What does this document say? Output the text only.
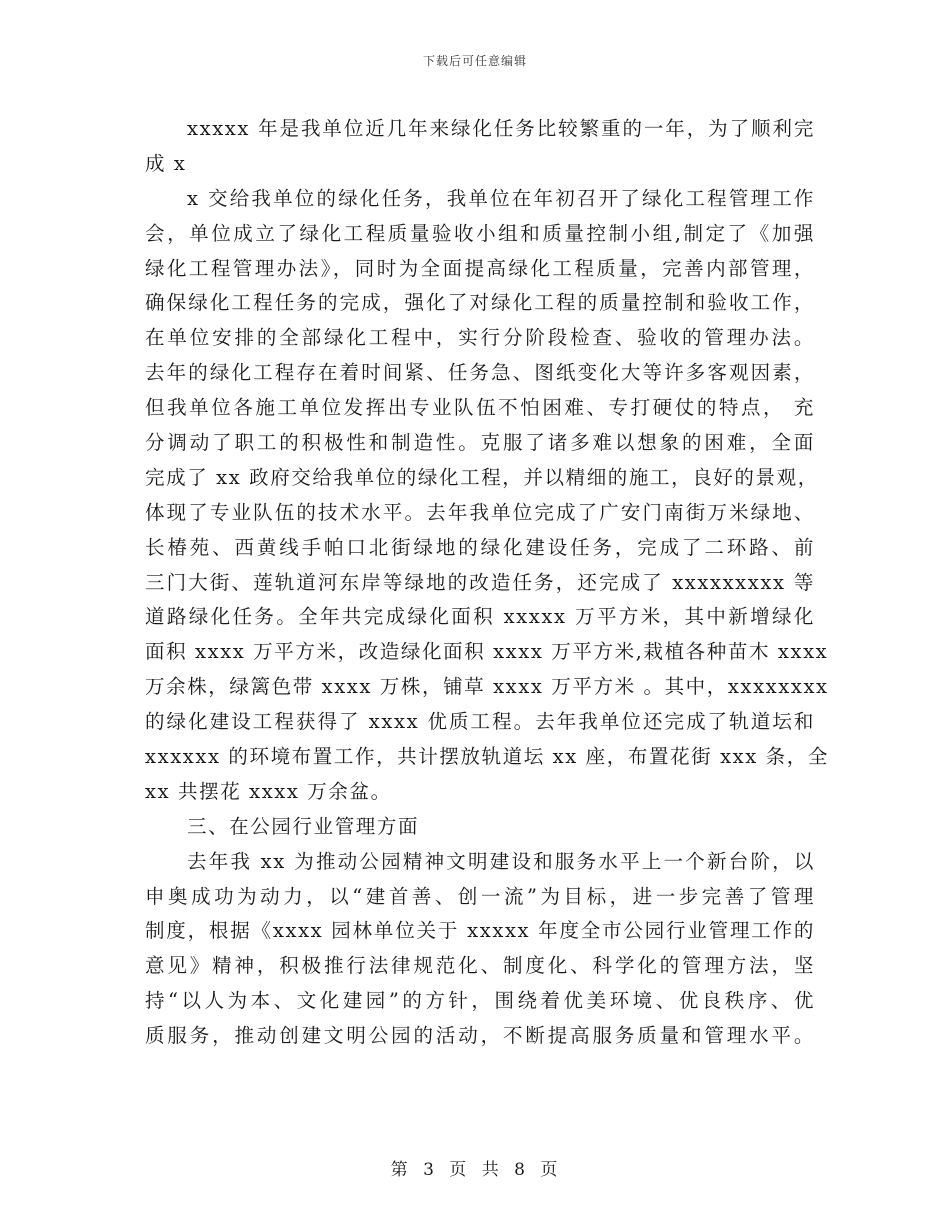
下载后可任意编辑
xxxxx 年是我单位近几年来绿化任务比较繁重的一年，为了顺利完
成 x
x 交给我单位的绿化任务，我单位在年初召开了绿化工程管理工作
会，单位成立了绿化工程质量验收小组和质量控制小组,制定了《加强
绿化工程管理办法》，同时为全面提高绿化工程质量，完善内部管理，
确保绿化工程任务的完成，强化了对绿化工程的质量控制和验收工作，
在单位安排的全部绿化工程中，实行分阶段检查、验收的管理办法。
去年的绿化工程存在着时间紧、任务急、图纸变化大等许多客观因素，
但我单位各施工单位发挥出专业队伍不怕困难、专打硬仗的特点， 充
分调动了职工的积极性和制造性。克服了诸多难以想象的困难，全面
完成了 xx 政府交给我单位的绿化工程，并以精细的施工，良好的景观，
体现了专业队伍的技术水平。去年我单位完成了广安门南街万米绿地、
长椿苑、西黄线手帕口北街绿地的绿化建设任务，完成了二环路、前
三门大街、莲轨道河东岸等绿地的改造任务，还完成了 xxxxxxxxx 等
道路绿化任务。全年共完成绿化面积 xxxxx 万平方米，其中新增绿化
面积 xxxx 万平方米，改造绿化面积 xxxx 万平方米,栽植各种苗木 xxxx
万余株，绿篱色带 xxxx 万株，铺草 xxxx 万平方米 。其中，xxxxxxxx
的绿化建设工程获得了 xxxx 优质工程。去年我单位还完成了轨道坛和
xxxxxx 的环境布置工作，共计摆放轨道坛 xx 座，布置花街 xxx 条，全
xx 共摆花 xxxx 万余盆。
三、在公园行业管理方面
去年我 xx 为推动公园精神文明建设和服务水平上一个新台阶，以
申奥成功为动力，以“建首善、创一流”为目标，进一步完善了管理
制度，根据《xxxx 园林单位关于 xxxxx 年度全市公园行业管理工作的
意见》精神，积极推行法律规范化、制度化、科学化的管理方法，坚
持“以人为本、文化建园”的方针，围绕着优美环境、优良秩序、优
质服务，推动创建文明公园的活动，不断提高服务质量和管理水平。
第 3 页 共 8 页
